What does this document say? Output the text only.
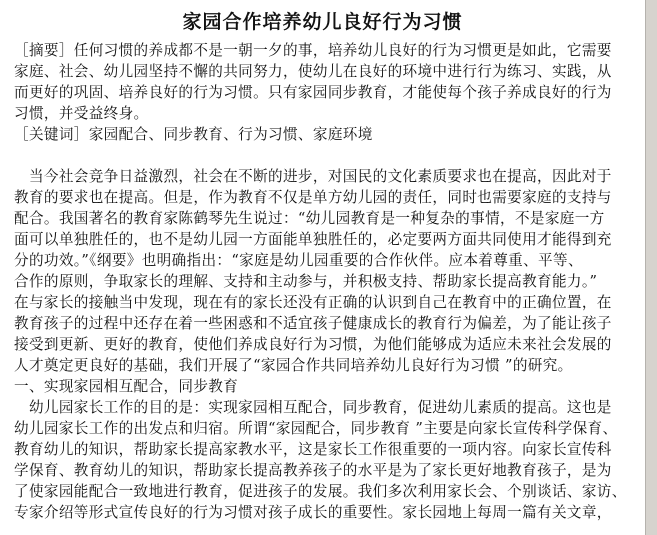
家园合作培养幼儿良好行为习惯
［摘要］任何习惯的养成都不是一朝一夕的事，培养幼儿良好的行为习惯更是如此，它需要
家庭、社会、幼儿园坚持不懈的共同努力，使幼儿在良好的环境中进行行为练习、实践，从
而更好的巩固、培养良好的行为习惯。只有家园同步教育，才能使每个孩子养成良好的行为
习惯，并受益终身。
［关键词］家园配合、同步教育、行为习惯、家庭环境
　当今社会竞争日益激烈，社会在不断的进步，对国民的文化素质要求也在提高，因此对于
教育的要求也在提高。但是，作为教育不仅是单方幼儿园的责任，同时也需要家庭的支持与
配合。我国著名的教育家陈鹤琴先生说过：“幼儿园教育是一种复杂的事情，不是家庭一方
面可以单独胜任的，也不是幼儿园一方面能单独胜任的，必定要两方面共同使用才能得到充
分的功效。”《纲要》也明确指出：“家庭是幼儿园重要的合作伙伴。应本着尊重、平等、
合作的原则，争取家长的理解、支持和主动参与，并积极支持、帮助家长提高教育能力。”
在与家长的接触当中发现，现在有的家长还没有正确的认识到自己在教育中的正确位置，在
教育孩子的过程中还存在着一些困惑和不适宜孩子健康成长的教育行为偏差，为了能让孩子
接受到更新、更好的教育，使他们养成良好行为习惯，为他们能够成为适应未来社会发展的
人才奠定更良好的基础，我们开展了“家园合作共同培养幼儿良好行为习惯 ”的研究。
一、实现家园相互配合，同步教育
　幼儿园家长工作的目的是：实现家园相互配合，同步教育，促进幼儿素质的提高。这也是
幼儿园家长工作的出发点和归宿。所谓“家园配合，同步教育 ”主要是向家长宣传科学保育、
教育幼儿的知识，帮助家长提高家教水平，这是家长工作很重要的一项内容。向家长宣传科
学保育、教育幼儿的知识，帮助家长提高教养孩子的水平是为了家长更好地教育孩子，是为
了使家园能配合一致地进行教育，促进孩子的发展。我们多次利用家长会、个别谈话、家访、
专家介绍等形式宣传良好的行为习惯对孩子成长的重要性。家长园地上每周一篇有关文章，
